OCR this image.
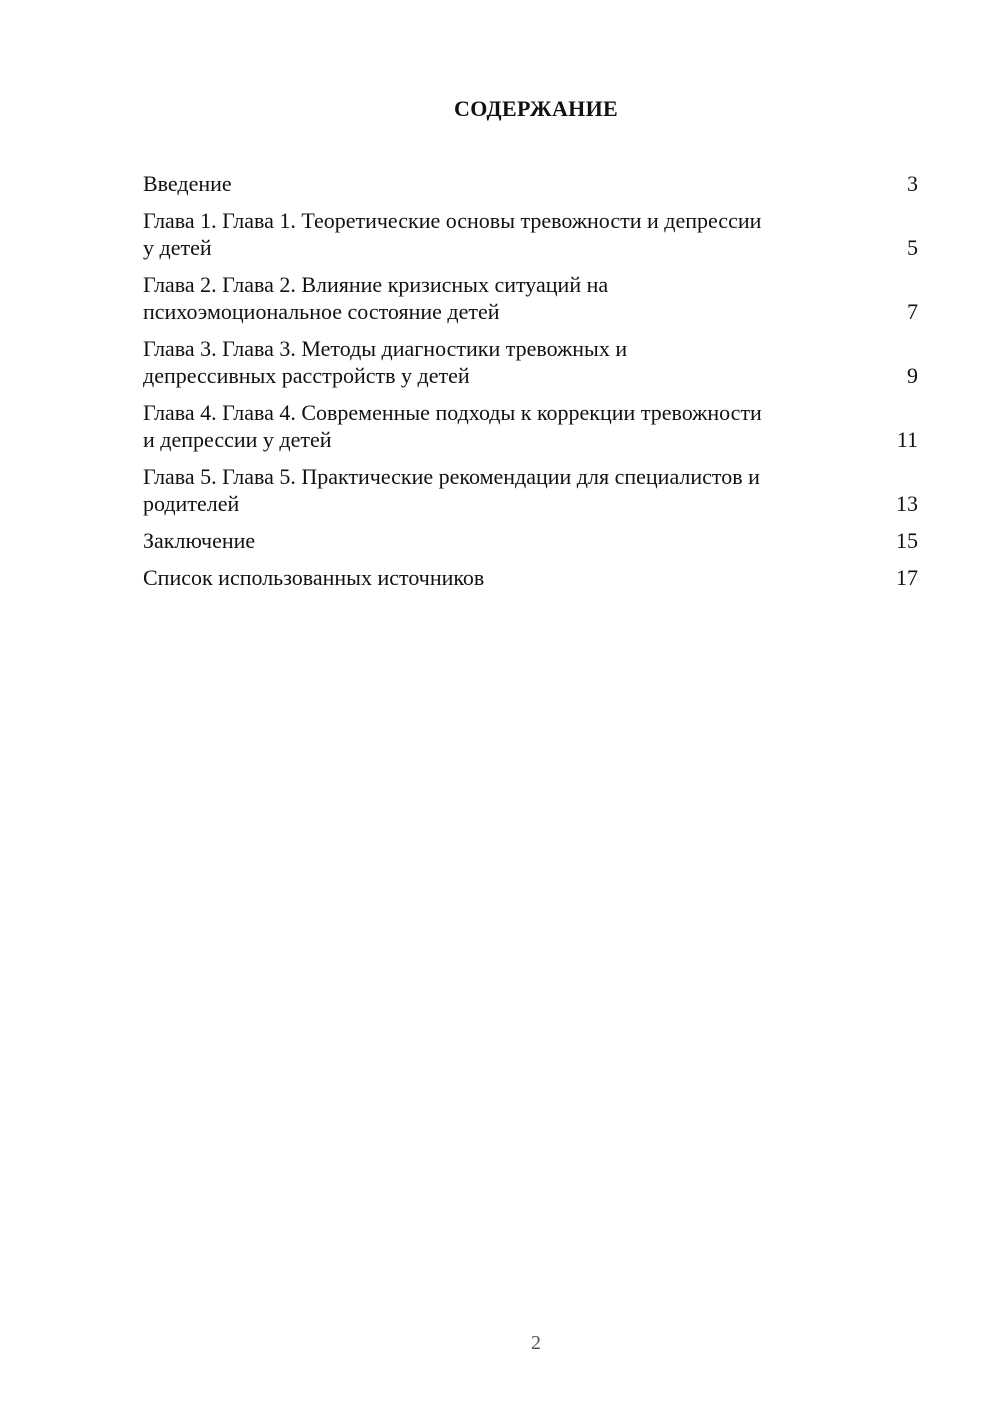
СОДЕРЖАНИЕ
Введение	3
Глава 1. Глава 1. Теоретические основы тревожности и депрессии у детей	5
Глава 2. Глава 2. Влияние кризисных ситуаций на психоэмоциональное состояние детей	7
Глава 3. Глава 3. Методы диагностики тревожных и депрессивных расстройств у детей	9
Глава 4. Глава 4. Современные подходы к коррекции тревожности и депрессии у детей	11
Глава 5. Глава 5. Практические рекомендации для специалистов и родителей	13
Заключение	15
Список использованных источников	17
2
